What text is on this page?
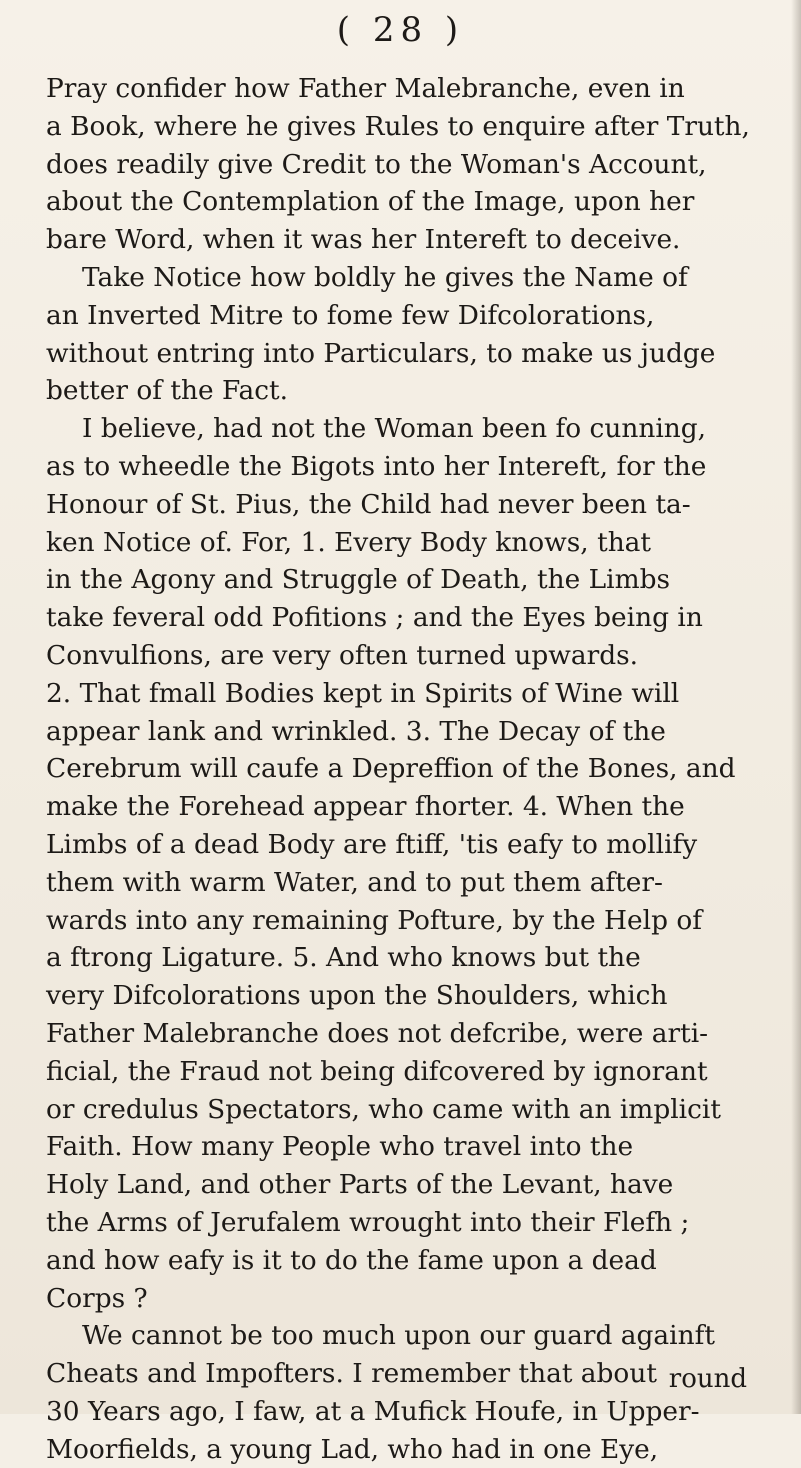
( 28 )
Pray confider how Father Malebranche, even in
a Book, where he gives Rules to enquire after Truth,
does readily give Credit to the Woman's Account,
about the Contemplation of the Image, upon her
bare Word, when it was her Intereft to deceive.
Take Notice how boldly he gives the Name of
an Inverted Mitre to fome few Difcolorations,
without entring into Particulars, to make us judge
better of the Fact.
I believe, had not the Woman been fo cunning,
as to wheedle the Bigots into her Intereft, for the
Honour of St. Pius, the Child had never been ta-
ken Notice of. For, 1. Every Body knows, that
in the Agony and Struggle of Death, the Limbs
take feveral odd Pofitions ; and the Eyes being in
Convulfions, are very often turned upwards.
2. That fmall Bodies kept in Spirits of Wine will
appear lank and wrinkled. 3. The Decay of the
Cerebrum will caufe a Depreffion of the Bones, and
make the Forehead appear fhorter. 4. When the
Limbs of a dead Body are ftiff, 'tis eafy to mollify
them with warm Water, and to put them after-
wards into any remaining Pofture, by the Help of
a ftrong Ligature. 5. And who knows but the
very Difcolorations upon the Shoulders, which
Father Malebranche does not defcribe, were arti-
ficial, the Fraud not being difcovered by ignorant
or credulus Spectators, who came with an implicit
Faith. How many People who travel into the
Holy Land, and other Parts of the Levant, have
the Arms of Jerufalem wrought into their Flefh ;
and how eafy is it to do the fame upon a dead
Corps ?
We cannot be too much upon our guard againft
Cheats and Impofters. I remember that about
30 Years ago, I faw, at a Mufick Houfe, in Upper-
Moorfields, a young Lad, who had in one Eye,
round
